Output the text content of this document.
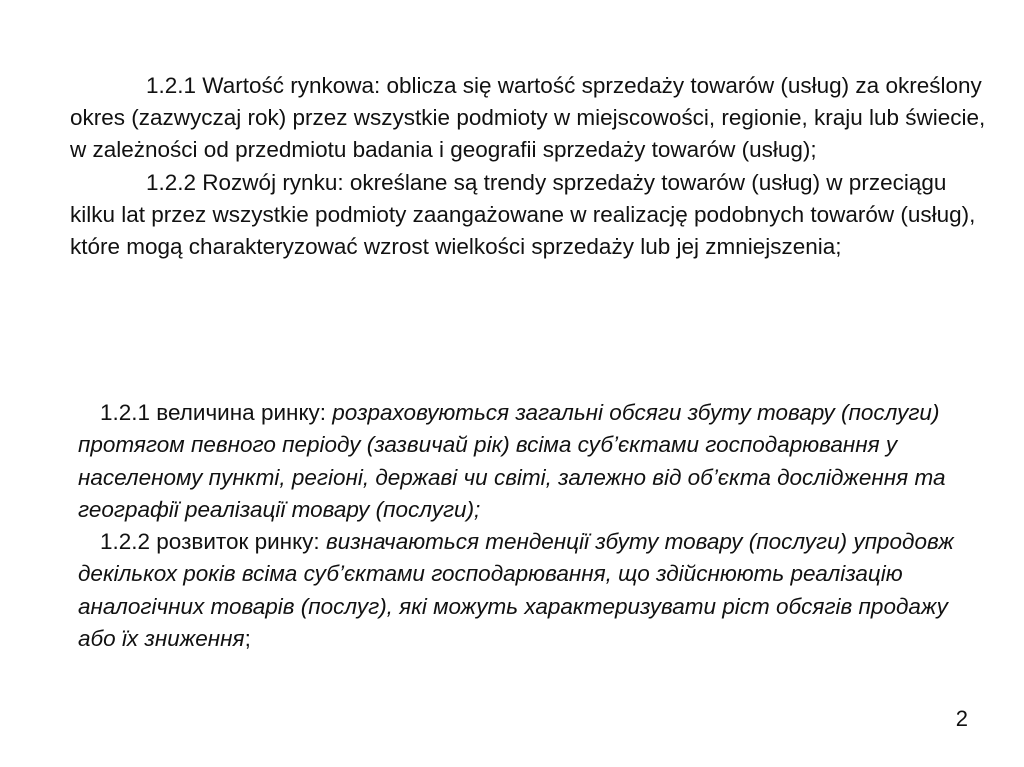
1.2.1 Wartość rynkowa: oblicza się wartość sprzedaży towarów (usług) za określony okres (zazwyczaj rok) przez wszystkie podmioty w miejscowości, regionie, kraju lub świecie, w zależności od przedmiotu badania i geografii sprzedaży towarów (usług);

1.2.2 Rozwój rynku: określane są trendy sprzedaży towarów (usług) w przeciągu kilku lat przez wszystkie podmioty zaangażowane w realizację podobnych towarów (usług), które mogą charakteryzować wzrost wielkości sprzedaży lub jej zmniejszenia;

1.2.1 величина ринку: розраховуються загальні обсяги збуту товару (послуги) протягом певного періоду (зазвичай рік) всіма суб’єктами господарювання у населеному пункті, регіоні, державі чи світі, залежно від об’єкта дослідження та географії реалізації товару (послуги);

1.2.2 розвиток ринку: визначаються тенденції збуту товару (послуги) упродовж декількох років всіма суб’єктами господарювання, що здійснюють реалізацію аналогічних товарів (послуг), які можуть характеризувати ріст обсягів продажу або їх зниження;

2
